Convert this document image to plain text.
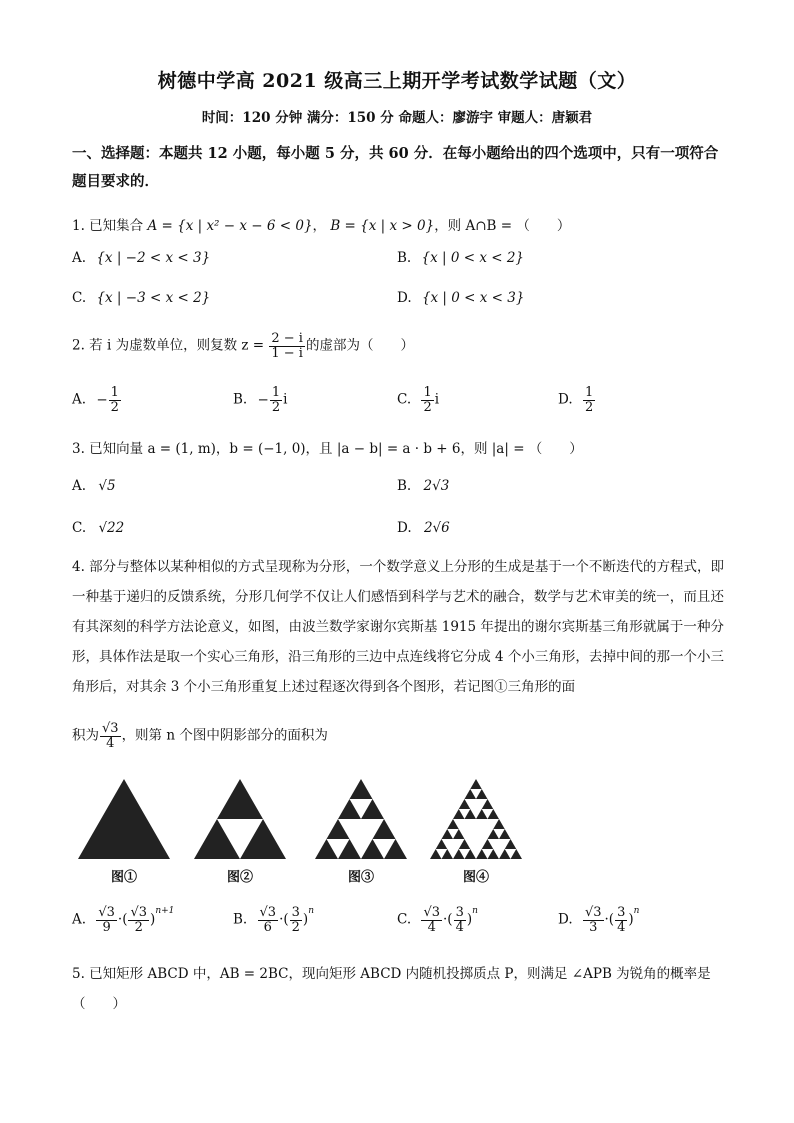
树德中学高 2021 级高三上期开学考试数学试题（文）
时间：120 分钟 满分：150 分 命题人：廖游宇 审题人：唐颖君
一、选择题：本题共 12 小题，每小题 5 分，共 60 分．在每小题给出的四个选项中，只有一项符合题目要求的．
1. 已知集合 A = {x | x² − x − 6 < 0}， B = {x | x > 0}，则 A∩B = （　　）
A. {x | −2 < x < 3}	B. {x | 0 < x < 2}
C. {x | −3 < x < 2}	D. {x | 0 < x < 3}
2. 若 i 为虚数单位，则复数 $z = \frac{2 - i}{1 - i}$ 的虚部为（　　）
A. − $\frac{1}{2}$	B. − $\frac{1}{2}$ i	C. $\frac{1}{2}$ i	D. $\frac{1}{2}$
3. 已知向量 a = (1, m)，b = (−1, 0)，且 |a − b| = a · b + 6，则 |a| = （　　）
A. √5	B. 2√3
C. √22	D. 2√6
4. 部分与整体以某种相似的方式呈现称为分形，一个数学意义上分形的生成是基于一个不断迭代的方程式，即一种基于递归的反馈系统，分形几何学不仅让人们感悟到科学与艺术的融合，数学与艺术审美的统一，而且还有其深刻的科学方法论意义，如图，由波兰数学家谢尔宾斯基 1915 年提出的谢尔宾斯基三角形就属于一种分形，具体作法是取一个实心三角形，沿三角形的三边中点连线将它分成 4 个小三角形，去掉中间的那一个小三角形后，对其余 3 个小三角形重复上述过程逐次得到各个图形，若记图①三角形的面
积为 $\frac{√3}{4}$ ，则第 n 个图中阴影部分的面积为
图①	图②	图③	图④
A. $\frac{√3}{9}$ ·( $\frac{√3}{2} )^{n+1}$
B. $\frac{√3}{6}$ ·( $\frac{3}{2} )^n$
C. $\frac{√3}{4}$ ·( $\frac{3}{4} )^n$
D. $\frac{√3}{3}$ ·( $\frac{3}{4} )^n$
5. 已知矩形 ABCD 中，AB = 2BC，现向矩形 ABCD 内随机投掷质点 P，则满足 ∠APB 为锐角的概率是
（　　）
